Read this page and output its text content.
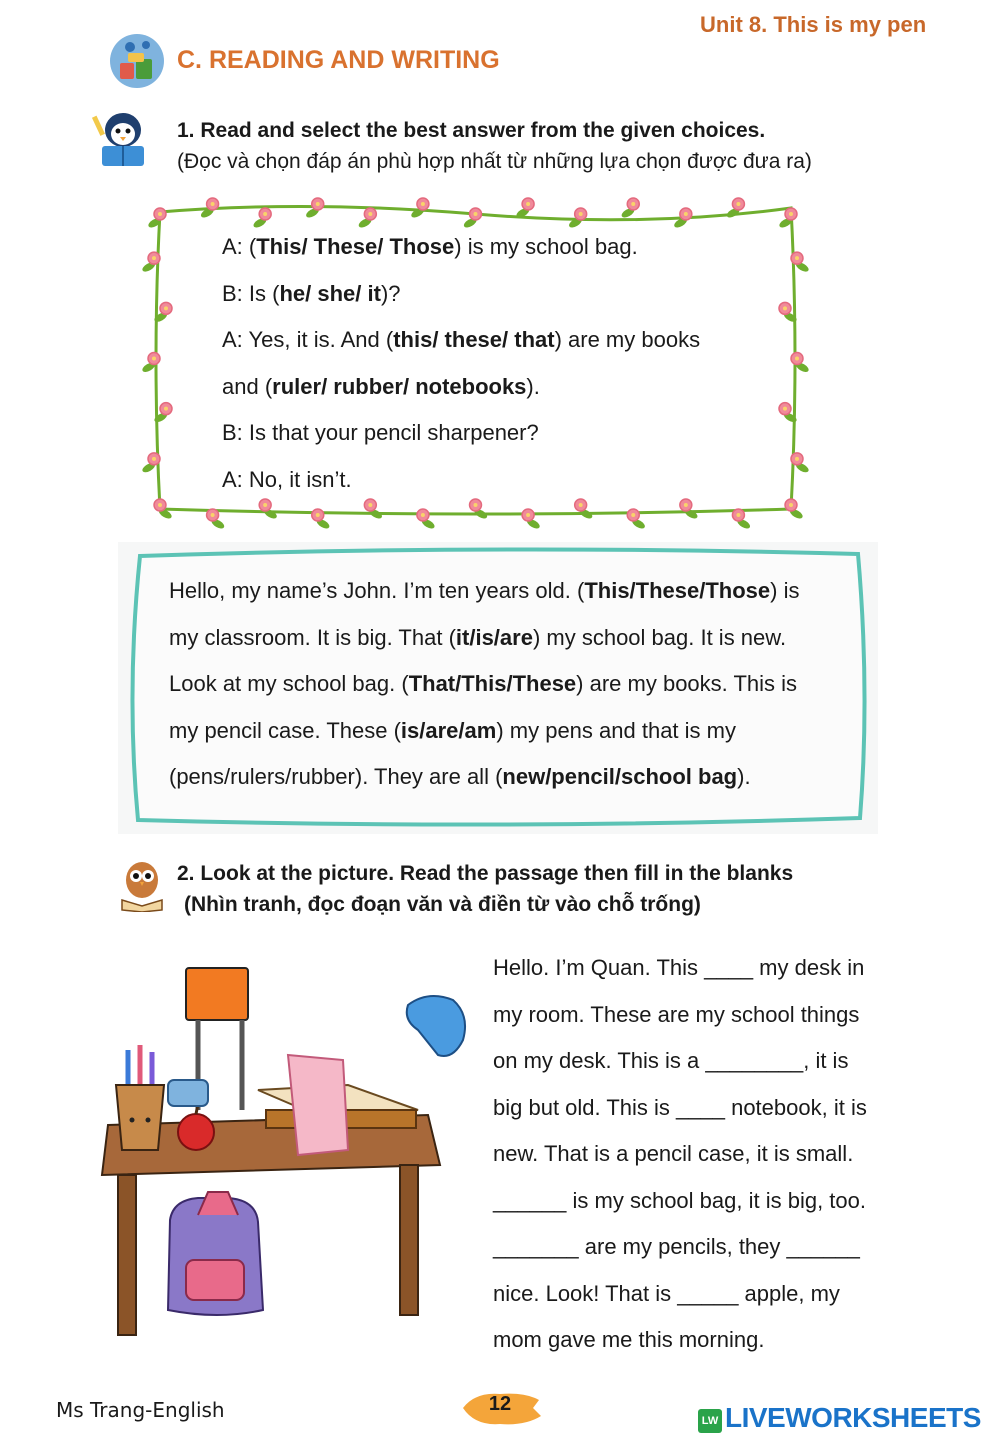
Unit 8. This is my pen
C. READING AND WRITING
1. Read and select the best answer from the given choices.
(Đọc và chọn đáp án phù hợp nhất từ những lựa chọn được đưa ra)
A: (This/ These/ Those) is my school bag.
B: Is (he/ she/ it)?
A: Yes, it is. And (this/ these/ that) are my books
and (ruler/ rubber/ notebooks).
B: Is that your pencil sharpener?
A: No, it isn’t.
Hello, my name’s John. I’m ten years old. (This/These/Those) is
my classroom. It is big. That (it/is/are) my school bag. It is new.
Look at my school bag. (That/This/These) are my books. This is
my pencil case. These (is/are/am) my pens and that is my
(pens/rulers/rubber). They are all (new/pencil/school bag).
2. Look at the picture. Read the passage then fill in the blanks
(Nhìn tranh, đọc đoạn văn và điền từ vào chỗ trống)
Hello. I’m Quan. This ____ my desk in
my room. These are my school things
on my desk. This is a ________, it is
big but old. This is ____ notebook, it is
new. That is a pencil case, it is small.
______ is my school bag, it is big, too.
_______ are my pencils, they ______
nice. Look! That is _____ apple, my
mom gave me this morning.
Ms Trang-English	12
LW LIVEWORKSHEETS
